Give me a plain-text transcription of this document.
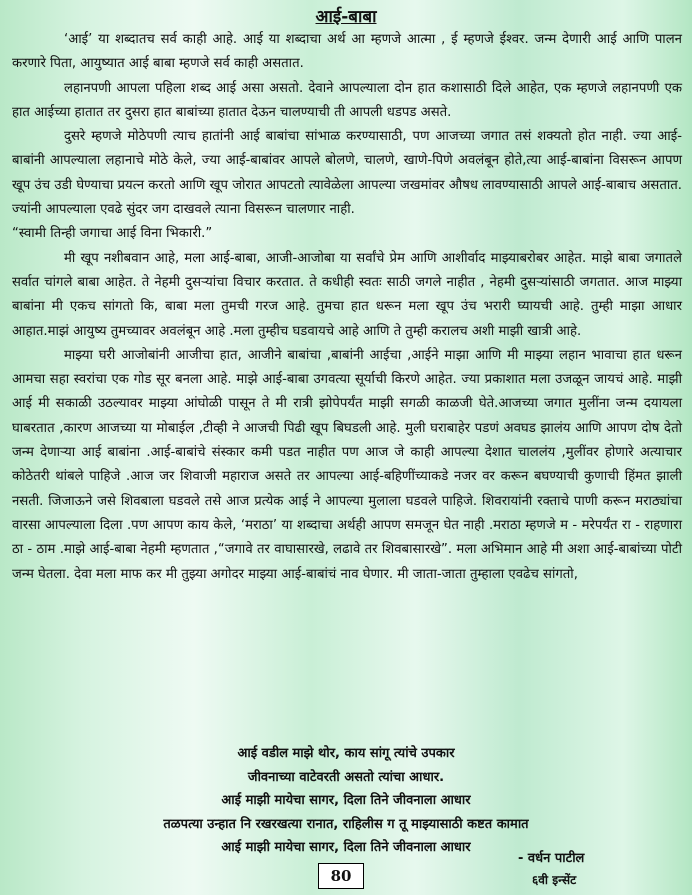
आई-बाबा

‘आई’ या शब्दातच सर्व काही आहे. आई या शब्दाचा अर्थ आ म्हणजे आत्मा , ई म्हणजे ईश्वर. जन्म देणारी आई आणि पालन करणारे पिता, आयुष्यात आई बाबा म्हणजे सर्व काही असतात.

लहानपणी आपला पहिला शब्द आई असा असतो. देवाने आपल्याला दोन हात कशासाठी दिले आहेत, एक म्हणजे लहानपणी एक हात आईच्या हातात तर दुसरा हात बाबांच्या हातात देऊन चालण्याची ती आपली धडपड असते.

दुसरे म्हणजे मोठेपणी त्याच हातांनी आई बाबांचा सांभाळ करण्यासाठी, पण आजच्या जगात तसं शक्यतो होत नाही. ज्या आई-बाबांनी आपल्याला लहानाचे मोठे केले, ज्या आई-बाबांवर आपले बोलणे, चालणे, खाणे-पिणे अवलंबून होते,त्या आई-बाबांना विसरून आपण खूप उंच उडी घेण्याचा प्रयत्न करतो आणि खूप जोरात आपटतो त्यावेळेला आपल्या जखमांवर औषध लावण्यासाठी आपले आई-बाबाच असतात. ज्यांनी आपल्याला एवढे सुंदर जग दाखवले त्याना विसरून चालणार नाही.

“स्वामी तिन्ही जगाचा आई विना भिकारी.”

मी खूप नशीबवान आहे, मला आई-बाबा, आजी-आजोबा या सर्वांचे प्रेम आणि आशीर्वाद माझ्याबरोबर आहेत. माझे बाबा जगातले सर्वात चांगले बाबा आहेत. ते नेहमी दुसऱ्यांचा विचार करतात. ते कधीही स्वतः साठी जगले नाहीत , नेहमी दुसऱ्यांसाठी जगतात. आज माझ्या बाबांना मी एकच सांगतो कि, बाबा मला तुमची गरज आहे. तुमचा हात धरून मला खूप उंच भरारी घ्यायची आहे. तुम्ही माझा आधार आहात.माझं आयुष्य तुमच्यावर अवलंबून आहे .मला तुम्हीच घडवायचे आहे आणि ते तुम्ही करालच अशी माझी खात्री आहे.

माझ्या घरी आजोबांनी आजीचा हात, आजीने बाबांचा ,बाबांनी आईचा ,आईने माझा आणि मी माझ्या लहान भावाचा हात धरून आमचा सहा स्वरांचा एक गोड सूर बनला आहे. माझे आई-बाबा उगवत्या सूर्याची किरणे आहेत. ज्या प्रकाशात मला उजळून जायचं आहे. माझी आई मी सकाळी उठल्यावर माझ्या आंघोळी पासून ते मी रात्री झोपेपर्यंत माझी सगळी काळजी घेते.आजच्या जगात मुलींना जन्म दयायला घाबरतात ,कारण आजच्या या मोबाईल ,टीव्ही ने आजची पिढी खूप बिघडली आहे. मुली घराबाहेर पडणं अवघड झालंय आणि आपण दोष देतो जन्म देणाऱ्या आई बाबांना .आई-बाबांचे संस्कार कमी पडत नाहीत पण आज जे काही आपल्या देशात चाललंय ,मुलींवर होणारे अत्याचार कोठेतरी थांबले पाहिजे .आज जर शिवाजी महाराज असते तर आपल्या आई-बहिणींच्याकडे नजर वर करून बघण्याची कुणाची हिंमत झाली नसती. जिजाऊने जसे शिवबाला घडवले तसे आज प्रत्येक आई ने आपल्या मुलाला घडवले पाहिजे. शिवरायांनी रक्ताचे पाणी करून मराठ्यांचा वारसा आपल्याला दिला .पण आपण काय केले, ‘मराठा’ या शब्दाचा अर्थही आपण समजून घेत नाही .मराठा म्हणजे म - मरेपर्यंत रा - राहणारा ठा - ठाम .माझे आई-बाबा नेहमी म्हणतात ,“जगावे तर वाघासारखे, लढावे तर शिवबासारखे”. मला अभिमान आहे मी अशा आई-बाबांच्या पोटी जन्म घेतला. देवा मला माफ कर मी तुझ्या अगोदर माझ्या आई-बाबांचं नाव घेणार. मी जाता-जाता तुम्हाला एवढेच सांगतो,

आई वडील माझे थोर, काय सांगू त्यांचे उपकार
जीवनाच्या वाटेवरती असतो त्यांचा आधार.
आई माझी मायेचा सागर, दिला तिने जीवनाला आधार
तळपत्या उन्हात नि रखरखत्या रानात, राहिलीस ग तू माझ्यासाठी कष्टत कामात
आई माझी मायेचा सागर, दिला तिने जीवनाला आधार
- वर्धन पाटील
80	६वी इन्सेंट
